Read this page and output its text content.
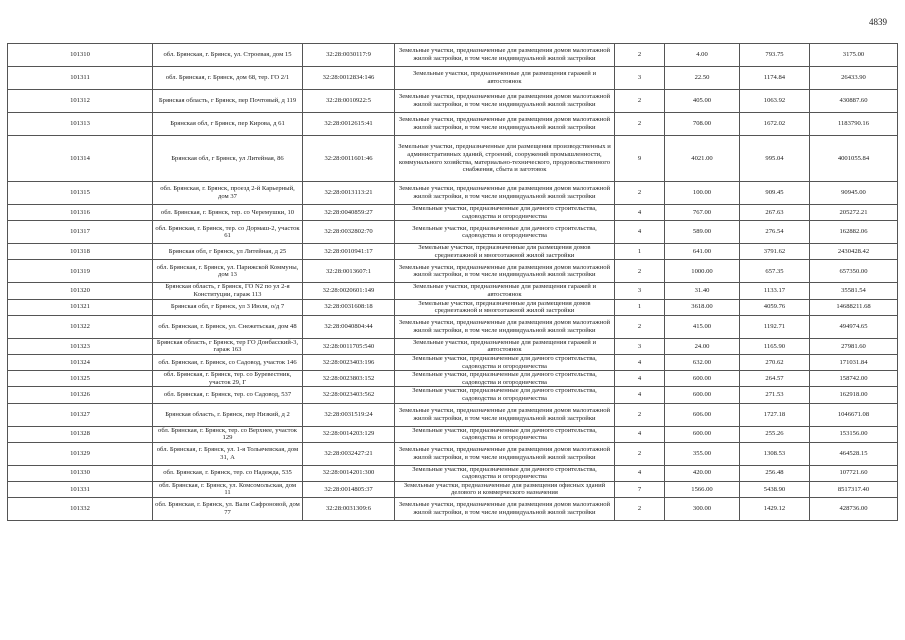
4839
101310	обл. Брянская, г. Брянск, ул. Строевая, дом 15	32:28:0030117:9	Земельные участки, предназначенные для размещения домов малоэтажной жилой застройки, в том числе индивидуальной жилой застройки	2	4.00	793.75	3175.00
101311	обл. Брянская, г. Брянск, дом 68, тер. ГО 2/1	32:28:0012834:146	Земельные участки, предназначенные для размещения гаражей и автостоянок	3	22.50	1174.84	26433.90
101312	Брянская область, г Брянск, пер Почтовый, д 119	32:28:0010922:5	Земельные участки, предназначенные для размещения домов малоэтажной жилой застройки, в том числе индивидуальной жилой застройки	2	405.00	1063.92	430887.60
101313	Брянская обл, г Брянск, пер Кирова, д 61	32:28:0012615:41	Земельные участки, предназначенные для размещения домов малоэтажной жилой застройки, в том числе индивидуальной жилой застройки	2	708.00	1672.02	1183790.16
101314	Брянская обл, г Брянск, ул Литейная, 86	32:28:0011601:46	Земельные участки, предназначенные для размещения производственных и административных зданий, строений, сооружений промышленности, коммунального хозяйства, материально-технического, продовольственного снабжения, сбыта и заготовок	9	4021.00	995.04	4001055.84
101315	обл. Брянская, г. Брянск, проезд 2-й Карьерный, дом 37	32:28:0013113:21	Земельные участки, предназначенные для размещения домов малоэтажной жилой застройки, в том числе индивидуальной жилой застройки	2	100.00	909.45	90945.00
101316	обл. Брянская, г. Брянск, тер. со Черемушки, 10	32:28:0040859:27	Земельные участки, предназначенные для дачного строительства, садоводства и огородничества	4	767.00	267.63	205272.21
101317	обл. Брянская, г. Брянск, тер. со Дормаш-2, участок 61	32:28:0032802:70	Земельные участки, предназначенные для дачного строительства, садоводства и огородничества	4	589.00	276.54	162882.06
101318	Брянская обл, г Брянск, ул Литейная, д 25	32:28:0010941:17	Земельные участки, предназначенные для размещения домов среднеэтажной и многоэтажной жилой застройки	1	641.00	3791.62	2430428.42
101319	обл. Брянская, г. Брянск, ул. Парижской Коммуны, дом 13	32:28:0013607:1	Земельные участки, предназначенные для размещения домов малоэтажной жилой застройки, в том числе индивидуальной жилой застройки	2	1000.00	657.35	657350.00
101320	Брянская область, г Брянск, ГО N2 по ул 2-я Конституции, гараж 113	32:28:0020601:149	Земельные участки, предназначенные для размещения гаражей и автостоянок	3	31.40	1133.17	35581.54
101321	Брянская обл, г Брянск, ул 3 Июля, о/д 7	32:28:0031608:18	Земельные участки, предназначенные для размещения домов среднеэтажной и многоэтажной жилой застройки	1	3618.00	4059.76	14688211.68
101322	обл. Брянская, г. Брянск, ул. Снежетьская, дом 48	32:28:0040804:44	Земельные участки, предназначенные для размещения домов малоэтажной жилой застройки, в том числе индивидуальной жилой застройки	2	415.00	1192.71	494974.65
101323	Брянская область, г Брянск, тер ГО Донбасский-3, гараж 163	32:28:0011705:540	Земельные участки, предназначенные для размещения гаражей и автостоянок	3	24.00	1165.90	27981.60
101324	обл. Брянская, г. Брянск, со Садовод, участок 146	32:28:0023403:196	Земельные участки, предназначенные для дачного строительства, садоводства и огородничества	4	632.00	270.62	171031.84
101325	обл. Брянская, г. Брянск, тер. со Буревестник, участок 29, Г	32:28:0023803:152	Земельные участки, предназначенные для дачного строительства, садоводства и огородничества	4	600.00	264.57	158742.00
101326	обл. Брянская, г. Брянск, тер. со Садовод, 537	32:28:0023403:562	Земельные участки, предназначенные для дачного строительства, садоводства и огородничества	4	600.00	271.53	162918.00
101327	Брянская область, г. Брянск, пер Низкий, д 2	32:28:0031519:24	Земельные участки, предназначенные для размещения домов малоэтажной жилой застройки, в том числе индивидуальной жилой застройки	2	606.00	1727.18	1046671.08
101328	обл. Брянская, г. Брянск, тер. со Верхнее, участок 129	32:28:0014203:129	Земельные участки, предназначенные для дачного строительства, садоводства и огородничества	4	600.00	255.26	153156.00
101329	обл. Брянская, г. Брянск, ул. 1-я Тольячевская, дом 31, А	32:28:0032427:21	Земельные участки, предназначенные для размещения домов малоэтажной жилой застройки, в том числе индивидуальной жилой застройки	2	355.00	1308.53	464528.15
101330	обл. Брянская, г. Брянск, тер. со Надежда, 535	32:28:0014201:300	Земельные участки, предназначенные для дачного строительства, садоводства и огородничества	4	420.00	256.48	107721.60
101331	обл. Брянская, г. Брянск, ул. Комсомольская, дом 11	32:28:0014805:37	Земельные участки, предназначенные для размещения офисных зданий делового и коммерческого назначения	7	1566.00	5438.90	8517317.40
101332	обл. Брянская, г. Брянск, ул. Вали Сафроновой, дом 77	32:28:0031309:6	Земельные участки, предназначенные для размещения домов малоэтажной жилой застройки, в том числе индивидуальной жилой застройки	2	300.00	1429.12	428736.00
